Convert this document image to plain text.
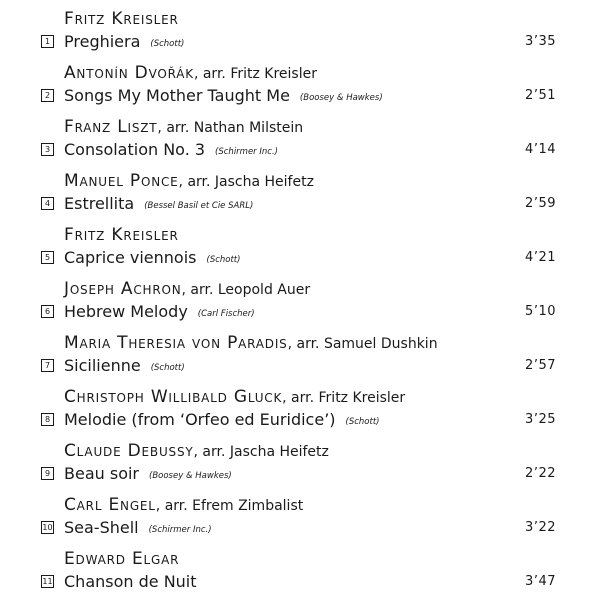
Fritz Kreisler
1 Preghiera (Schott)	3’35
Antonín Dvořák, arr. Fritz Kreisler
2 Songs My Mother Taught Me (Boosey & Hawkes)	2’51
Franz Liszt, arr. Nathan Milstein
3 Consolation No. 3 (Schirmer Inc.)	4’14
Manuel Ponce, arr. Jascha Heifetz
4 Estrellita (Bessel Basil et Cie SARL)	2’59
Fritz Kreisler
5 Caprice viennois (Schott)	4’21
Joseph Achron, arr. Leopold Auer
6 Hebrew Melody (Carl Fischer)	5’10
Maria Theresia von Paradis, arr. Samuel Dushkin
7 Sicilienne (Schott)	2’57
Christoph Willibald Gluck, arr. Fritz Kreisler
8 Melodie (from ‘Orfeo ed Euridice’) (Schott)	3’25
Claude Debussy, arr. Jascha Heifetz
9 Beau soir (Boosey & Hawkes)	2’22
Carl Engel, arr. Efrem Zimbalist
10 Sea-Shell (Schirmer Inc.)	3’22
Edward Elgar
11 Chanson de Nuit	3’47
